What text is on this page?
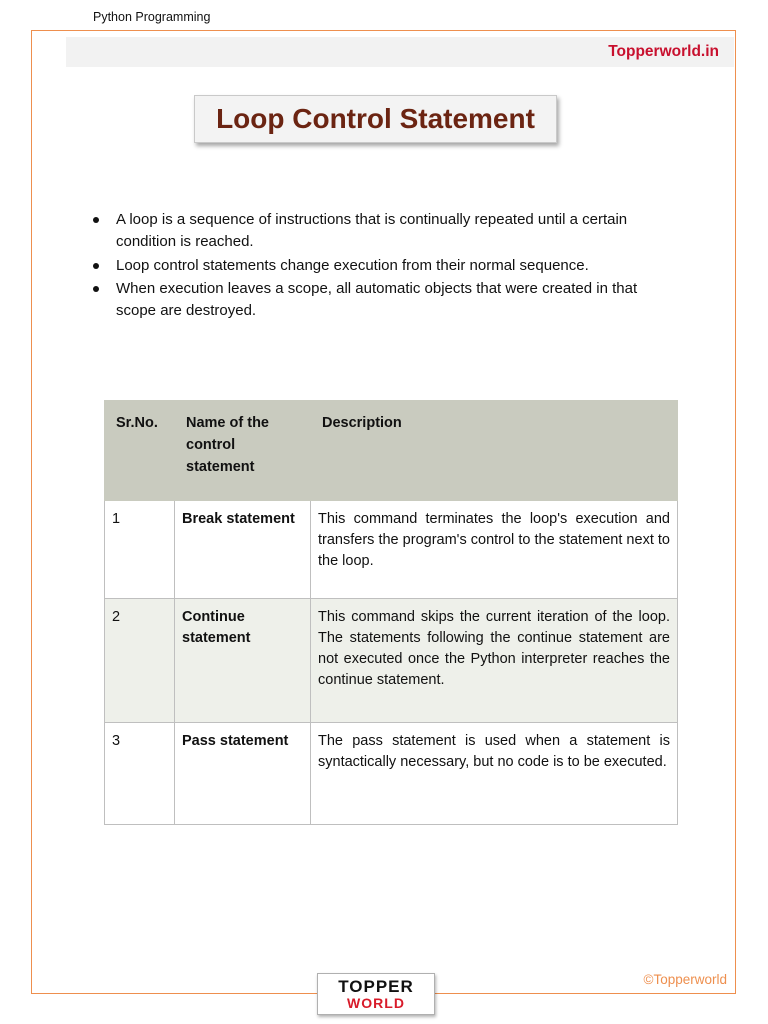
Python Programming
Topperworld.in
Loop Control Statement
A loop is a sequence of instructions that is continually repeated until a certain condition is reached.
Loop control statements change execution from their normal sequence.
When execution leaves a scope, all automatic objects that were created in that scope are destroyed.
Sr.No.	Name of the control statement	Description
1	Break statement	This command terminates the loop's execution and transfers the program's control to the statement next to the loop.
2	Continue statement	This command skips the current iteration of the loop. The statements following the continue statement are not executed once the Python interpreter reaches the continue statement.
3	Pass statement	The pass statement is used when a statement is syntactically necessary, but no code is to be executed.
©Topperworld
TOPPER
WORLD
